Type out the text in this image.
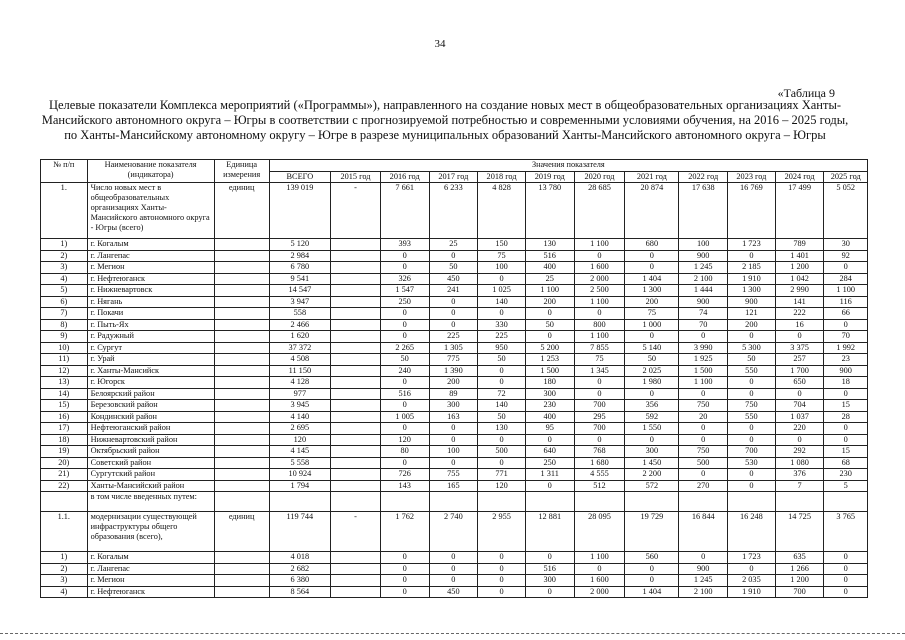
34
«Таблица 9
Целевые показатели Комплекса мероприятий («Программы»), направленного на создание новых мест в общеобразовательных организациях Ханты-Мансийского автономного округа – Югры в соответствии с прогнозируемой потребностью и современными условиями обучения, на 2016 – 2025 годы, по Ханты-Мансийскому автономному округу – Югре в разрезе муниципальных образований Ханты-Мансийского автономного округа – Югры
№ п/п	Наименование показателя (индикатора)	Единица измерения	Значения показателя											
			ВСЕГО	2015 год	2016 год	2017 год	2018 год	2019 год	2020 год	2021 год	2022 год	2023 год	2024 год	2025 год
1.	Число новых мест в общеобразовательных организациях Ханты-Мансийского автономного округа - Югры (всего)	единиц	139 019	-	7 661	6 233	4 828	13 780	28 685	20 874	17 638	16 769	17 499	5 052
1)	г. Когалым		5 120		393	25	150	130	1 100	680	100	1 723	789	30
2)	г. Лангепас		2 984		0	0	75	516	0	0	900	0	1 401	92
3)	г. Мегион		6 780		0	50	100	400	1 600	0	1 245	2 185	1 200	0
4)	г. Нефтеюганск		9 541		326	450	0	25	2 000	1 404	2 100	1 910	1 042	284
5)	г. Нижневартовск		14 547		1 547	241	1 025	1 100	2 500	1 300	1 444	1 300	2 990	1 100
6)	г. Нягань		3 947		250	0	140	200	1 100	200	900	900	141	116
7)	г. Покачи		558		0	0	0	0	0	75	74	121	222	66
8)	г. Пыть-Ях		2 466		0	0	330	50	800	1 000	70	200	16	0
9)	г. Радужный		1 620		0	225	225	0	1 100	0	0	0	0	70
10)	г. Сургут		37 372		2 265	1 305	950	5 200	7 855	5 140	3 990	5 300	3 375	1 992
11)	г. Урай		4 508		50	775	50	1 253	75	50	1 925	50	257	23
12)	г. Ханты-Мансийск		11 150		240	1 390	0	1 500	1 345	2 025	1 500	550	1 700	900
13)	г. Югорск		4 128		0	200	0	180	0	1 980	1 100	0	650	18
14)	Белоярский район		977		516	89	72	300	0	0	0	0	0	0
15)	Березовский район		3 945		0	300	140	230	700	356	750	750	704	15
16)	Кондинский район		4 140		1 005	163	50	400	295	592	20	550	1 037	28
17)	Нефтеюганский район		2 695		0	0	130	95	700	1 550	0	0	220	0
18)	Нижневартовский район		120		120	0	0	0	0	0	0	0	0	0
19)	Октябрьский район		4 145		80	100	500	640	768	300	750	700	292	15
20)	Советский район		5 558		0	0	0	250	1 680	1 450	500	530	1 080	68
21)	Сургутский район		10 924		726	755	771	1 311	4 555	2 200	0	0	376	230
22)	Ханты-Мансийский район		1 794		143	165	120	0	512	572	270	0	7	5
	в том числе введенных путем:													
1.1.	модернизации существующей инфраструктуры общего образования (всего),	единиц	119 744	-	1 762	2 740	2 955	12 881	28 095	19 729	16 844	16 248	14 725	3 765
1)	г. Когалым		4 018		0	0	0	0	1 100	560	0	1 723	635	0
2)	г. Лангепас		2 682		0	0	0	516	0	0	900	0	1 266	0
3)	г. Мегион		6 380		0	0	0	300	1 600	0	1 245	2 035	1 200	0
4)	г. Нефтеюганск		8 564		0	450	0	0	2 000	1 404	2 100	1 910	700	0
